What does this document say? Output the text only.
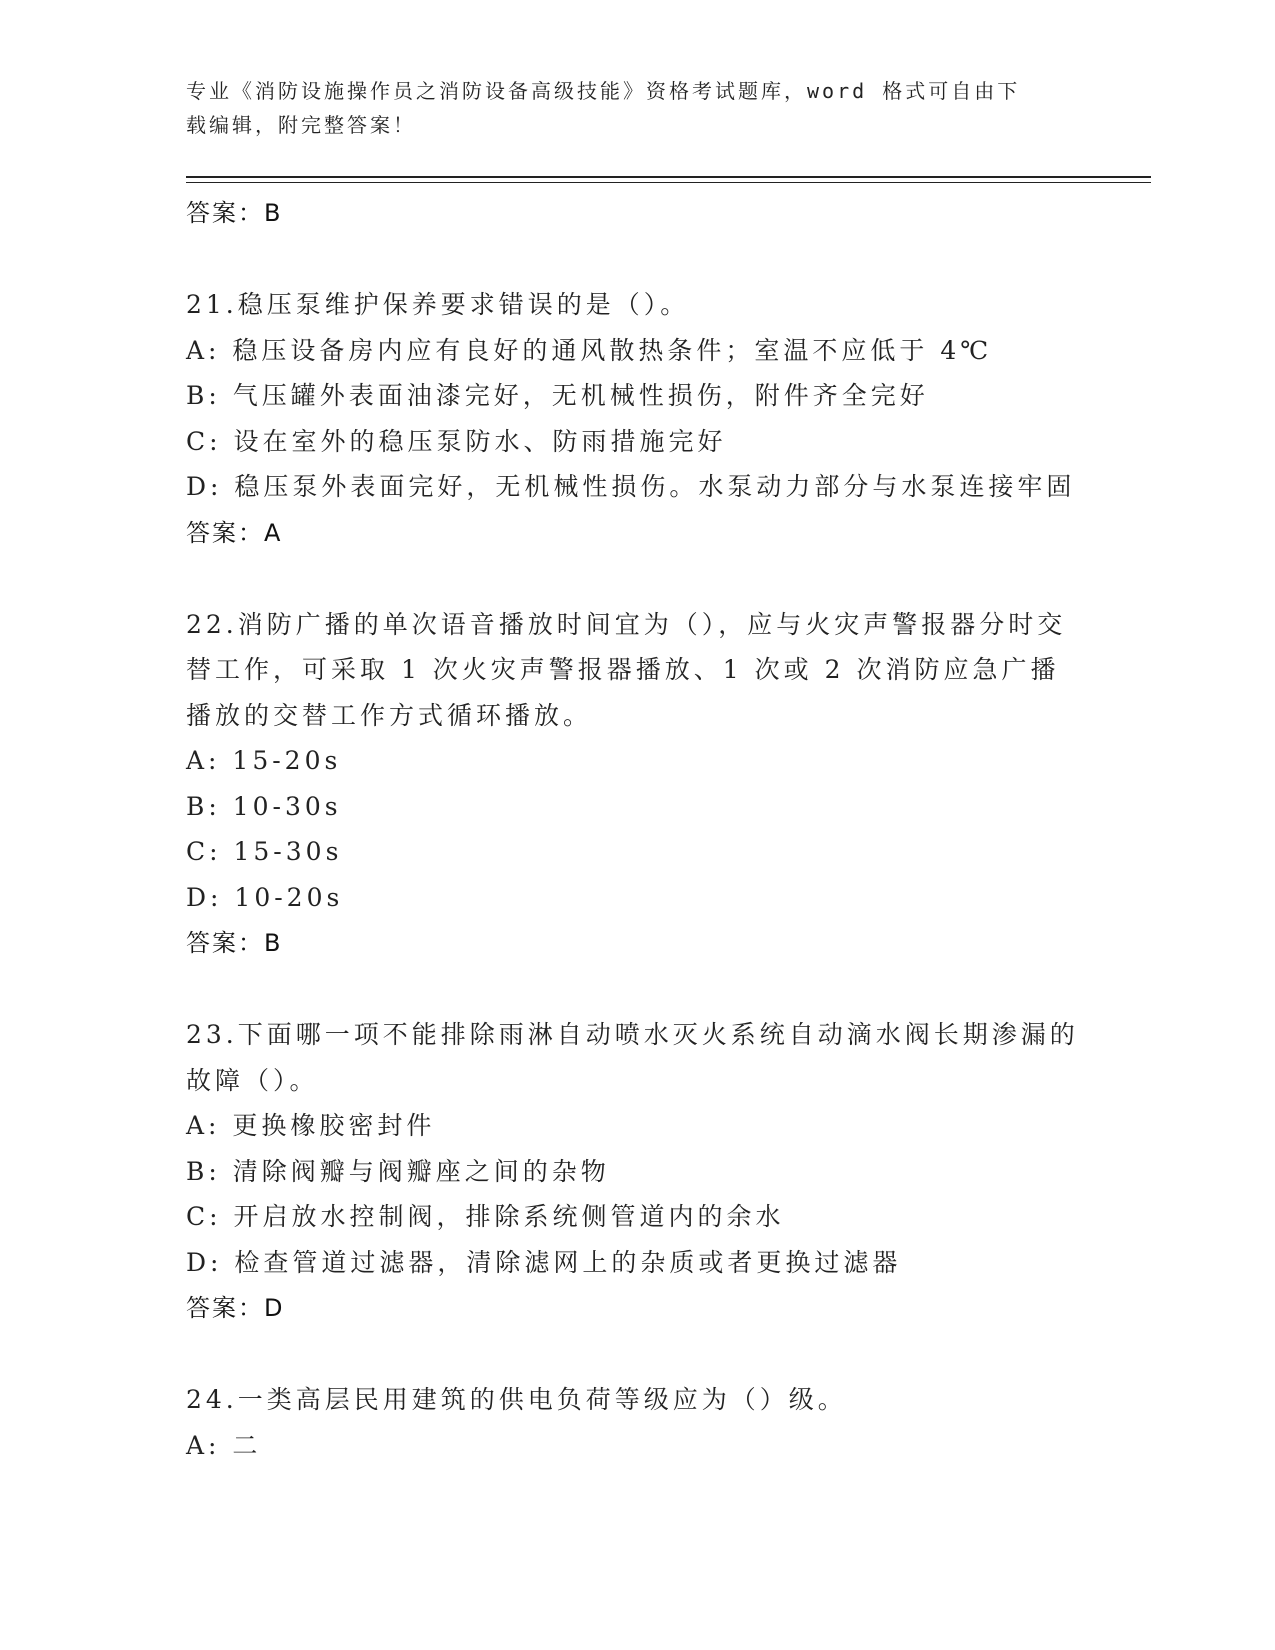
专业《消防设施操作员之消防设备高级技能》资格考试题库，word 格式可自由下
载编辑，附完整答案！
答案：B
21.稳压泵维护保养要求错误的是（）。
A: 稳压设备房内应有良好的通风散热条件；室温不应低于 4℃
B: 气压罐外表面油漆完好，无机械性损伤，附件齐全完好
C: 设在室外的稳压泵防水、防雨措施完好
D: 稳压泵外表面完好，无机械性损伤。水泵动力部分与水泵连接牢固
答案：A
22.消防广播的单次语音播放时间宜为（），应与火灾声警报器分时交替工作，可采取 1 次火灾声警报器播放、1 次或 2 次消防应急广播播放的交替工作方式循环播放。
A: 15-20s
B: 10-30s
C: 15-30s
D: 10-20s
答案：B
23.下面哪一项不能排除雨淋自动喷水灭火系统自动滴水阀长期渗漏的故障（）。
A: 更换橡胶密封件
B: 清除阀瓣与阀瓣座之间的杂物
C: 开启放水控制阀，排除系统侧管道内的余水
D: 检查管道过滤器，清除滤网上的杂质或者更换过滤器
答案：D
24.一类高层民用建筑的供电负荷等级应为（）级。
A: 二
